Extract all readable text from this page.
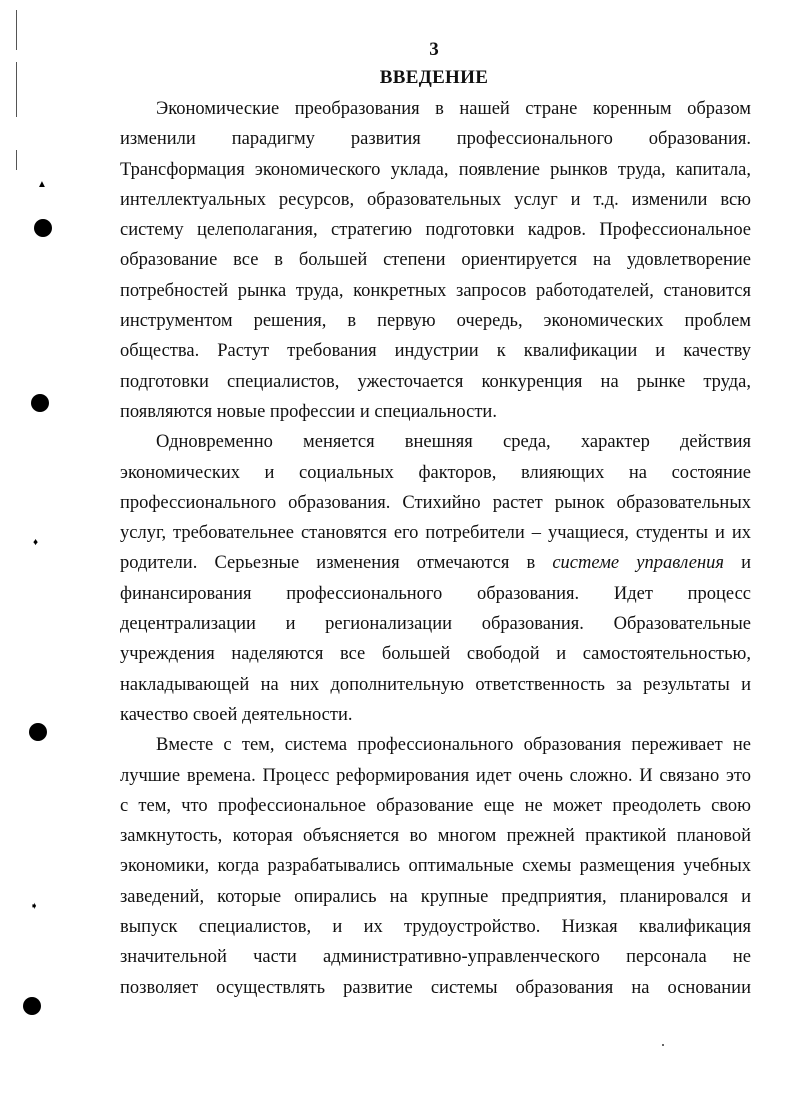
▲
♦
➧
3
ВВЕДЕНИЕ
Экономические преобразования в нашей стране коренным образом
изменили парадигму развития профессионального образования.
Трансформация экономического уклада, появление рынков труда, капитала,
интеллектуальных ресурсов, образовательных услуг и т.д. изменили всю
систему целеполагания, стратегию подготовки кадров. Профессиональное
образование все в большей степени ориентируется на удовлетворение
потребностей рынка труда, конкретных запросов работодателей, становится
инструментом решения, в первую очередь, экономических проблем
общества. Растут требования индустрии к квалификации и качеству
подготовки специалистов, ужесточается конкуренция на рынке труда,
появляются новые профессии и специальности.
Одновременно меняется внешняя среда, характер действия
экономических и социальных факторов, влияющих на состояние
профессионального образования. Стихийно растет рынок образовательных
услуг, требовательнее становятся его потребители – учащиеся, студенты и их
родители. Серьезные изменения отмечаются в системе управления и
финансирования профессионального образования. Идет процесс
децентрализации и регионализации образования. Образовательные
учреждения наделяются все большей свободой и самостоятельностью,
накладывающей на них дополнительную ответственность за результаты и
качество своей деятельности.
Вместе с тем, система профессионального образования переживает не
лучшие времена. Процесс реформирования идет очень сложно. И связано это
с тем, что профессиональное образование еще не может преодолеть свою
замкнутость, которая объясняется во многом прежней практикой плановой
экономики, когда разрабатывались оптимальные схемы размещения учебных
заведений, которые опирались на крупные предприятия, планировался и
выпуск специалистов, и их трудоустройство. Низкая квалификация
значительной части административно-управленческого персонала не
позволяет осуществлять развитие системы образования на основании
